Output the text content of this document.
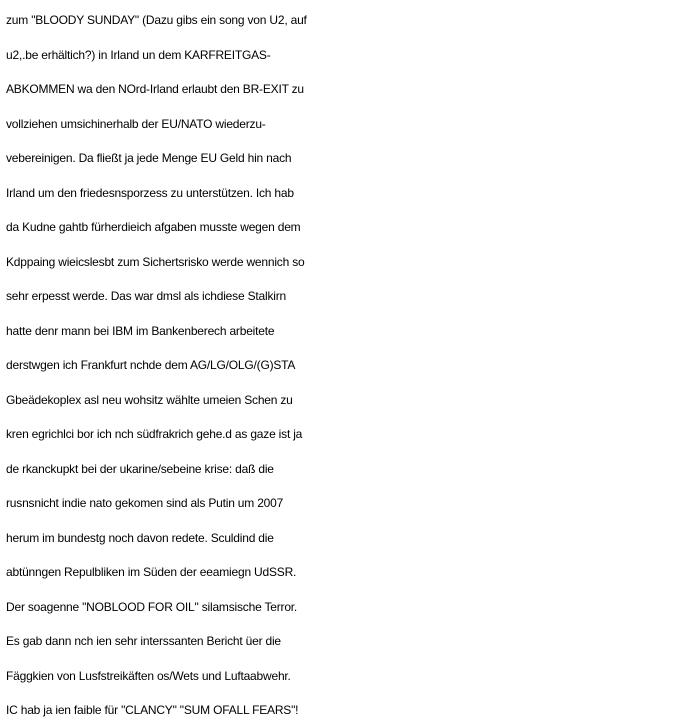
zum "BLOODY SUNDAY" (Dazu gibs ein song von U2, auf
u2,.be erhältich?) in Irland un dem KARFREITGAS-
ABKOMMEN wa den NOrd-Irland erlaubt den BR-EXIT zu
vollziehen umsichinerhalb der EU/NATO wiederzu-
vebereinigen. Da fließt ja jede Menge EU Geld hin nach
Irland um den friedesnsporzess zu unterstützen. Ich hab
da Kudne gahtb fürherdieich afgaben musste wegen dem
Kdppaing wieicslesbt zum Sichertsrisko werde wennich so
sehr erpesst werde. Das war dmsl als ichdiese Stalkirn
hatte denr mann bei IBM im Bankenberech arbeitete
derstwgen ich Frankfurt nchde dem AG/LG/OLG/(G)STA
Gbeädekoplex asl neu wohsitz wählte umeien Schen zu
kren egrichlci bor ich nch südfrakrich gehe.d as gaze ist ja
de rkanckupkt bei der ukarine/sebeine krise: daß die
rusnsnicht indie nato gekomen sind als Putin um 2007
herum im bundestg noch davon redete. Sculdind die
abtünngen Repulbliken im Süden der eeamiegn UdSSR.
Der soagenne "NOBLOOD FOR OIL" silamsische Terror.
Es gab dann nch ien sehr interssanten Bericht üer die
Fäggkien von Lusfstreikäften os/Wets und Luftaabwehr.
IC hab ja ien faible für "CLANCY" "SUM OFALL FEARS"!
